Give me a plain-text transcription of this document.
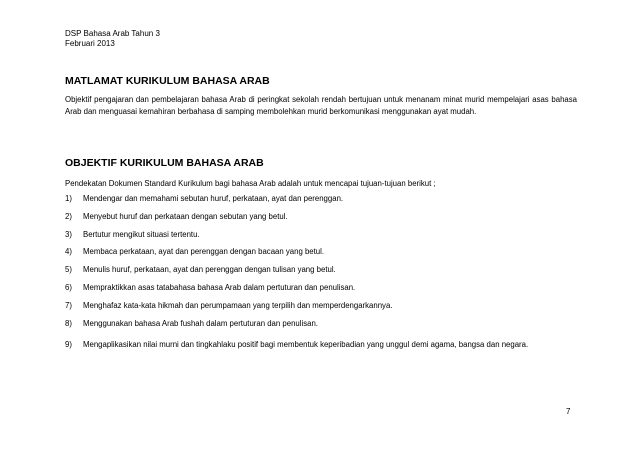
DSP Bahasa Arab Tahun 3
Februari 2013
MATLAMAT KURIKULUM BAHASA ARAB
Objektif pengajaran dan pembelajaran bahasa Arab di peringkat sekolah rendah bertujuan untuk menanam minat murid mempelajari asas bahasa Arab dan menguasai kemahiran berbahasa di samping membolehkan murid berkomunikasi menggunakan ayat mudah.
OBJEKTIF KURIKULUM BAHASA ARAB
Pendekatan Dokumen Standard Kurikulum bagi bahasa Arab adalah untuk mencapai tujuan-tujuan berikut ;
1) Mendengar dan memahami sebutan huruf, perkataan, ayat dan perenggan.
2) Menyebut huruf dan perkataan dengan sebutan yang betul.
3) Bertutur mengikut situasi tertentu.
4) Membaca perkataan, ayat dan perenggan dengan bacaan yang betul.
5) Menulis huruf, perkataan, ayat dan perenggan dengan tulisan yang betul.
6) Mempraktikkan asas tatabahasa bahasa Arab dalam pertuturan dan penulisan.
7) Menghafaz kata-kata hikmah dan perumpamaan yang terpilih dan memperdengarkannya.
8) Menggunakan bahasa Arab fushah dalam pertuturan dan penulisan.
9) Mengaplikasikan nilai murni dan tingkahlaku positif bagi membentuk keperibadian yang unggul demi agama, bangsa dan negara.
7
